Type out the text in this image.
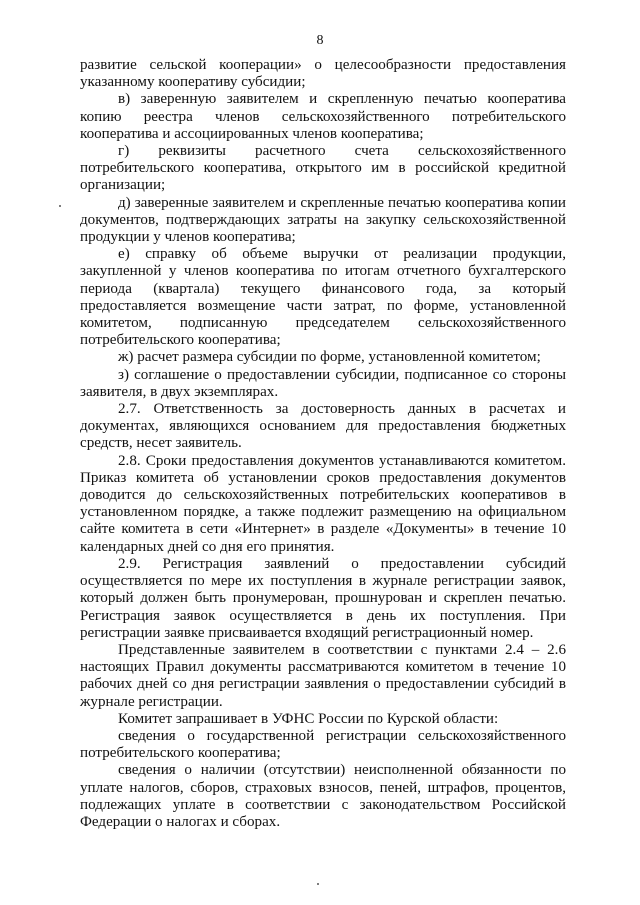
8

развитие сельской кооперации» о целесообразности предоставления указанному кооперативу субсидии;

в) заверенную заявителем и скрепленную печатью кооператива копию реестра членов сельскохозяйственного потребительского кооператива и ассоциированных членов кооператива;

г) реквизиты расчетного счета сельскохозяйственного потребительского кооператива, открытого им в российской кредитной организации;

д) заверенные заявителем и скрепленные печатью кооператива копии документов, подтверждающих затраты на закупку сельскохозяйственной продукции у членов кооператива;

е) справку об объеме выручки от реализации продукции, закупленной у членов кооператива по итогам отчетного бухгалтерского периода (квартала) текущего финансового года, за который предоставляется возмещение части затрат, по форме, установленной комитетом, подписанную председателем сельскохозяйственного потребительского кооператива;

ж) расчет размера субсидии по форме, установленной комитетом;

з) соглашение о предоставлении субсидии, подписанное со стороны заявителя, в двух экземплярах.

2.7. Ответственность за достоверность данных в расчетах и документах, являющихся основанием для предоставления бюджетных средств, несет заявитель.

2.8. Сроки предоставления документов устанавливаются комитетом. Приказ комитета об установлении сроков предоставления документов доводится до сельскохозяйственных потребительских кооперативов в установленном порядке, а также подлежит размещению на официальном сайте комитета в сети «Интернет» в разделе «Документы» в течение 10 календарных дней со дня его принятия.

2.9. Регистрация заявлений о предоставлении субсидий осуществляется по мере их поступления в журнале регистрации заявок, который должен быть пронумерован, прошнурован и скреплен печатью. Регистрация заявок осуществляется в день их поступления. При регистрации заявке присваивается входящий регистрационный номер.

Представленные заявителем в соответствии с пунктами 2.4 – 2.6 настоящих Правил документы рассматриваются комитетом в течение 10 рабочих дней со дня регистрации заявления о предоставлении субсидий в журнале регистрации.

Комитет запрашивает в УФНС России по Курской области:

сведения о государственной регистрации сельскохозяйственного потребительского кооператива;

сведения о наличии (отсутствии) неисполненной обязанности по уплате налогов, сборов, страховых взносов, пеней, штрафов, процентов, подлежащих уплате в соответствии с законодательством Российской Федерации о налогах и сборах.
